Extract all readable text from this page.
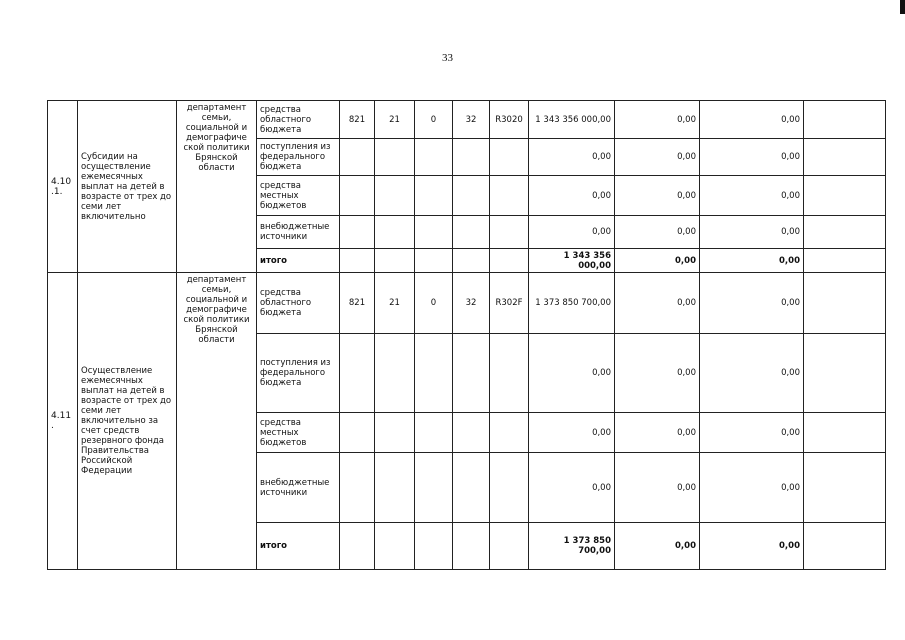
33
4.10 .1.	Субсидии на осуществление ежемесячных выплат на детей в возрасте от трех до семи лет включительно	департамент семьи, социальной и демографиче ской политики Брянской области	средства областного бюджета	821	21	0	32	R3020	1 343 356 000,00	0,00	0,00	
			поступления из федерального бюджета						0,00	0,00	0,00	
			средства местных бюджетов						0,00	0,00	0,00	
			внебюджетные источники						0,00	0,00	0,00	
			итого						1 343 356 000,00	0,00	0,00	
4.11 .	Осуществление ежемесячных выплат на детей в возрасте от трех до семи лет включительно за счет средств резервного фонда Правительства Российской Федерации	департамент семьи, социальной и демографиче ской политики Брянской области	средства областного бюджета	821	21	0	32	R302F	1 373 850 700,00	0,00	0,00	
			поступления из федерального бюджета						0,00	0,00	0,00	
			средства местных бюджетов						0,00	0,00	0,00	
			внебюджетные источники						0,00	0,00	0,00	
			итого						1 373 850 700,00	0,00	0,00	
